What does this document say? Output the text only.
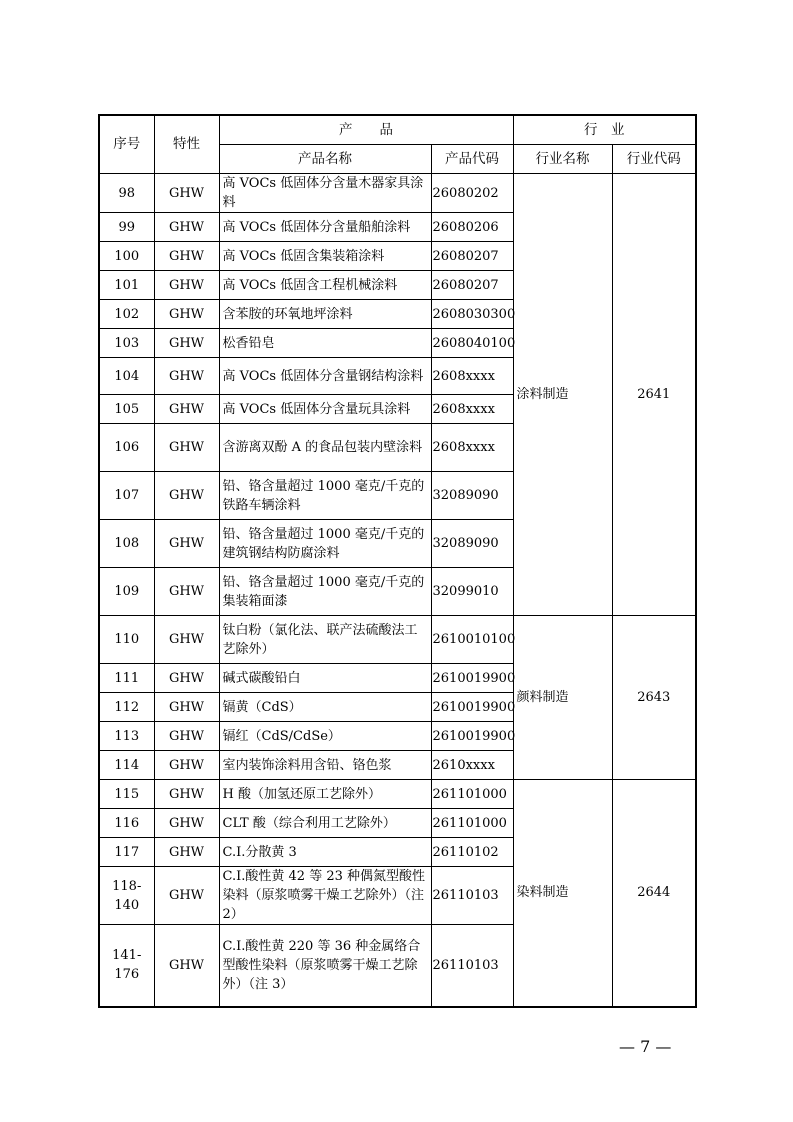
序号	特性	产　　品		行　业	
		产品名称	产品代码	行业名称	行业代码
98	GHW	高 VOCs 低固体分含量木器家具涂料	26080202	涂料制造	2641
99	GHW	高 VOCs 低固体分含量船舶涂料	26080206		
100	GHW	高 VOCs 低固含集装箱涂料	26080207		
101	GHW	高 VOCs 低固含工程机械涂料	26080207		
102	GHW	含苯胺的环氧地坪涂料	2608030300		
103	GHW	松香铅皂	2608040100		
104	GHW	高 VOCs 低固体分含量钢结构涂料	2608xxxx		
105	GHW	高 VOCs 低固体分含量玩具涂料	2608xxxx		
106	GHW	含游离双酚 A 的食品包装内壁涂料	2608xxxx		
107	GHW	铅、铬含量超过 1000 毫克/千克的铁路车辆涂料	32089090		
108	GHW	铅、铬含量超过 1000 毫克/千克的建筑钢结构防腐涂料	32089090		
109	GHW	铅、铬含量超过 1000 毫克/千克的集装箱面漆	32099010		
110	GHW	钛白粉（氯化法、联产法硫酸法工艺除外）	2610010100	颜料制造	2643
111	GHW	碱式碳酸铅白	2610019900		
112	GHW	镉黄（CdS）	2610019900		
113	GHW	镉红（CdS/CdSe）	2610019900		
114	GHW	室内装饰涂料用含铅、铬色浆	2610xxxx		
115	GHW	H 酸（加氢还原工艺除外）	261101000	染料制造	2644
116	GHW	CLT 酸（综合利用工艺除外）	261101000		
117	GHW	C.I.分散黄 3	26110102		
118-140	GHW	C.I.酸性黄 42 等 23 种偶氮型酸性染料（原浆喷雾干燥工艺除外）（注 2）	26110103		
141-176	GHW	C.I.酸性黄 220 等 36 种金属络合型酸性染料（原浆喷雾干燥工艺除外）（注 3）	26110103		
— 7 —
